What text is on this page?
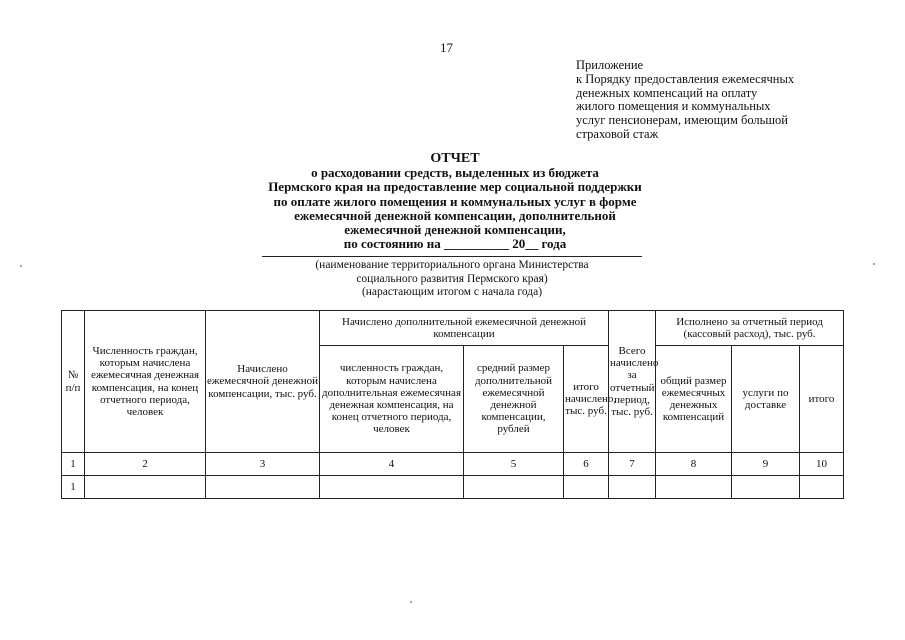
17
Приложение
к Порядку предоставления ежемесячных
денежных компенсаций на оплату
жилого помещения и коммунальных
услуг пенсионерам, имеющим большой
страховой стаж
ОТЧЕТ
о расходовании средств, выделенных из бюджета
Пермского края на предоставление мер социальной поддержки
по оплате жилого помещения и коммунальных услуг в форме
ежемесячной денежной компенсации, дополнительной
ежемесячной денежной компенсации,
по состоянию на __________ 20__ года
(наименование территориального органа Министерства
социального развития Пермского края)
(нарастающим итогом с начала года)
№ п/п	Численность граждан, которым начислена ежемесячная денежная компенсация, на конец отчетного периода, человек	Начислено ежемесячной денежной компенсации, тыс. руб.	Начислено дополнительной ежемесячной денежной компенсации			Всего начислено за отчетный период, тыс. руб.	Исполнено за отчетный период (кассовый расход), тыс. руб.		
			численность граждан, которым начислена дополнительная ежемесячная денежная компенсация, на конец отчетного периода, человек	средний размер дополнительной ежемесячной денежной компенсации, рублей	итого начислено, тыс. руб.		общий размер ежемесячных денежных компенсаций	услуги по доставке	итого
1	2	3	4	5	6	7	8	9	10
1									
